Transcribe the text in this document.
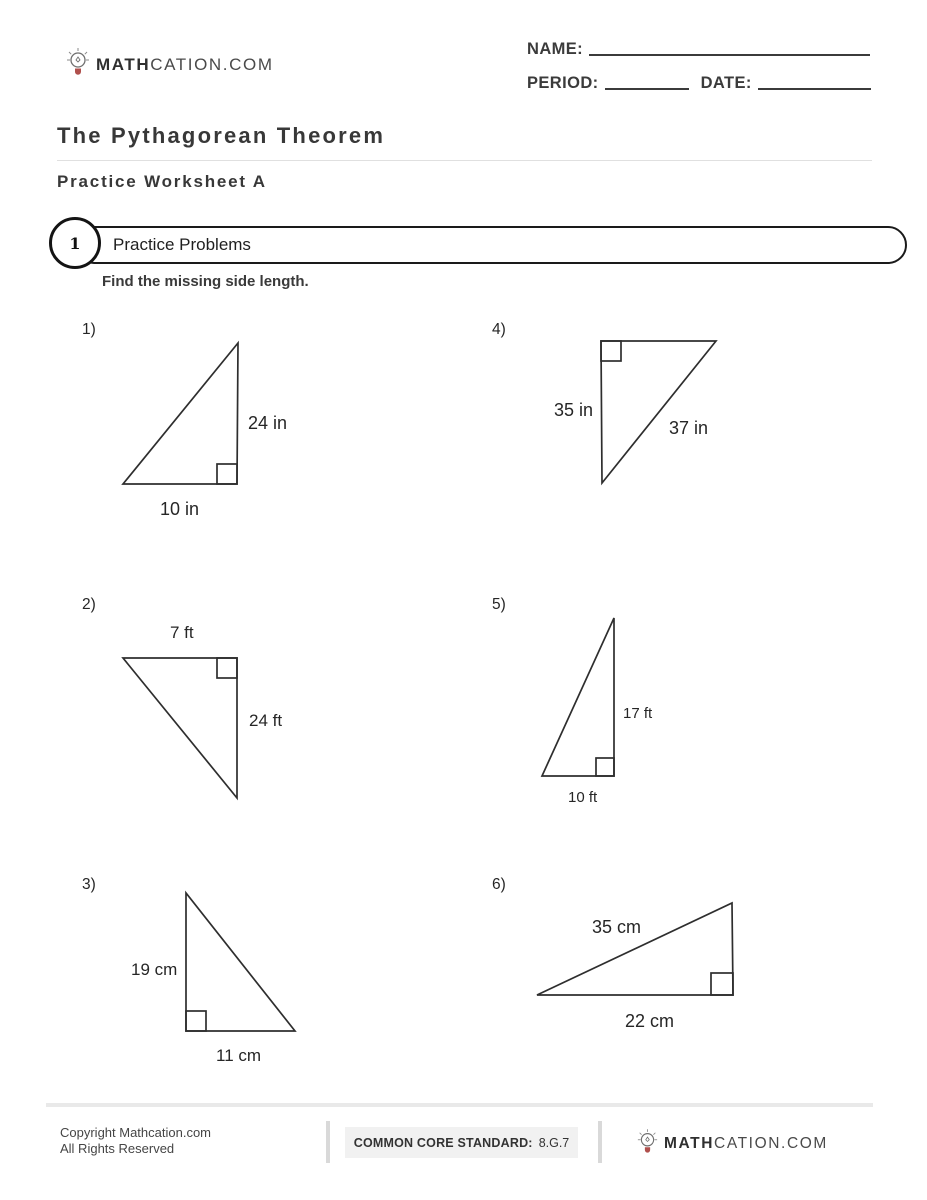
MATHCATION.COM
NAME:
PERIOD:	DATE:
The Pythagorean Theorem
Practice Worksheet A
Practice Problems
1
Find the missing side length.
1)
24 in
10 in
4)
35 in
37 in
2)
7 ft
24 ft
5)
17 ft
10 ft
3)
19 cm
11 cm
6)
35 cm
22 cm
Copyright Mathcation.com
All Rights Reserved	COMMON CORE STANDARD: 8.G.7	MATHCATION.COM
